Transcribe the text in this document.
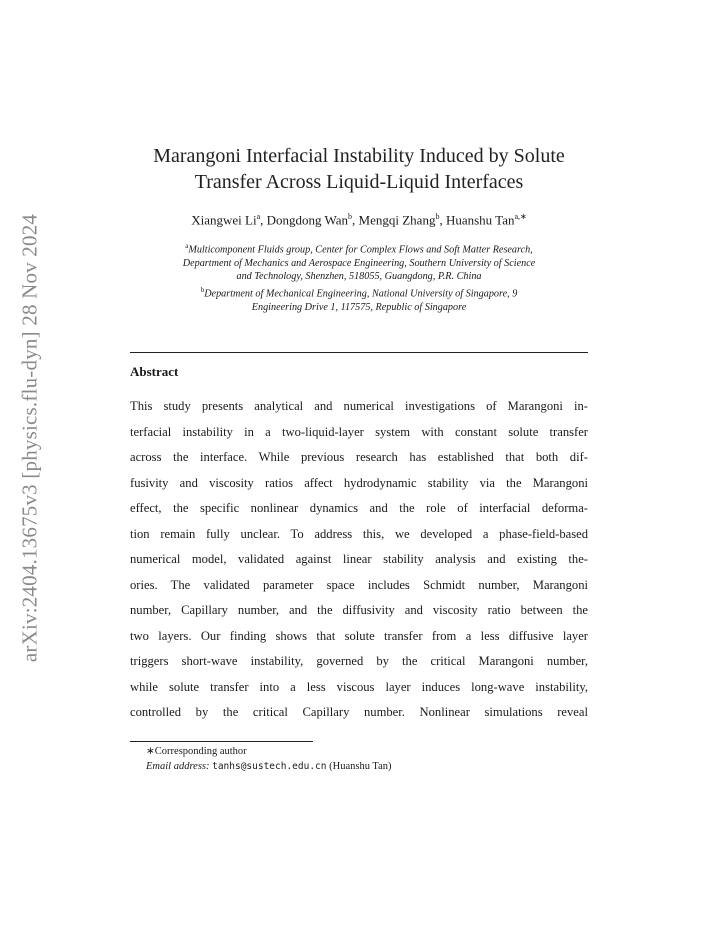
arXiv:2404.13675v3 [physics.flu-dyn] 28 Nov 2024
Marangoni Interfacial Instability Induced by Solute
Transfer Across Liquid-Liquid Interfaces
Xiangwei Li$^a$, Dongdong Wan$^b$, Mengqi Zhang$^b$, Huanshu Tan$^{a,∗}$
$^a$Multicomponent Fluids group, Center for Complex Flows and Soft Matter Research,
Department of Mechanics and Aerospace Engineering, Southern University of Science
and Technology, Shenzhen, 518055, Guangdong, P.R. China
$^b$Department of Mechanical Engineering, National University of Singapore, 9
Engineering Drive 1, 117575, Republic of Singapore
Abstract
This study presents analytical and numerical investigations of Marangoni in-
terfacial instability in a two-liquid-layer system with constant solute transfer
across the interface. While previous research has established that both dif-
fusivity and viscosity ratios affect hydrodynamic stability via the Marangoni
effect, the specific nonlinear dynamics and the role of interfacial deforma-
tion remain fully unclear. To address this, we developed a phase-field-based
numerical model, validated against linear stability analysis and existing the-
ories. The validated parameter space includes Schmidt number, Marangoni
number, Capillary number, and the diffusivity and viscosity ratio between the
two layers. Our finding shows that solute transfer from a less diffusive layer
triggers short-wave instability, governed by the critical Marangoni number,
while solute transfer into a less viscous layer induces long-wave instability,
controlled by the critical Capillary number. Nonlinear simulations reveal
∗Corresponding author
Email address: tanhs@sustech.edu.cn (Huanshu Tan)
